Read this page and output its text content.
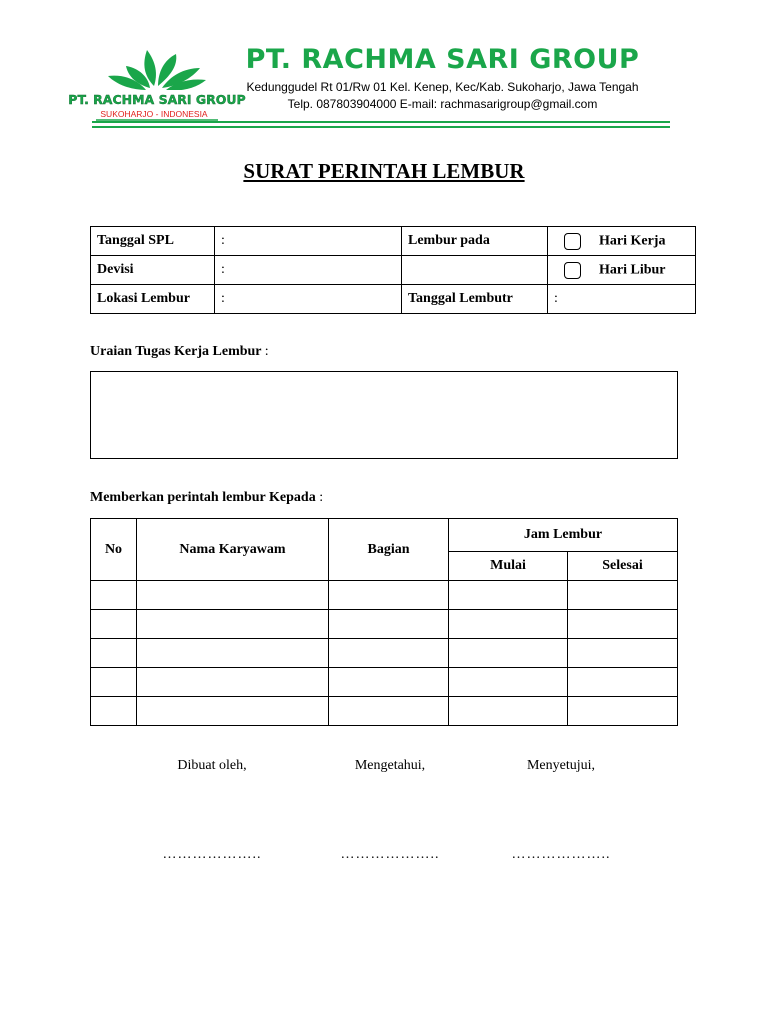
PT. RACHMA SARI GROUP
SUKOHARJO - INDONESIA
PT. RACHMA SARI GROUP
Kedunggudel Rt 01/Rw 01 Kel. Kenep, Kec/Kab. Sukoharjo, Jawa Tengah
Telp. 087803904000 E-mail: rachmasarigroup@gmail.com
SURAT PERINTAH LEMBUR
Tanggal SPL	:	Lembur pada	Hari Kerja
Devisi	:		Hari Libur
Lokasi Lembur	:	Tanggal Lembutr	:
Uraian Tugas Kerja Lembur :
Memberkan perintah lembur Kepada :
No	Nama Karyawam	Bagian	Jam Lembur	
			Mulai	Selesai

Dibuat oleh,	Mengetahui,	Menyetujui,
………………..	………………..	………………..
